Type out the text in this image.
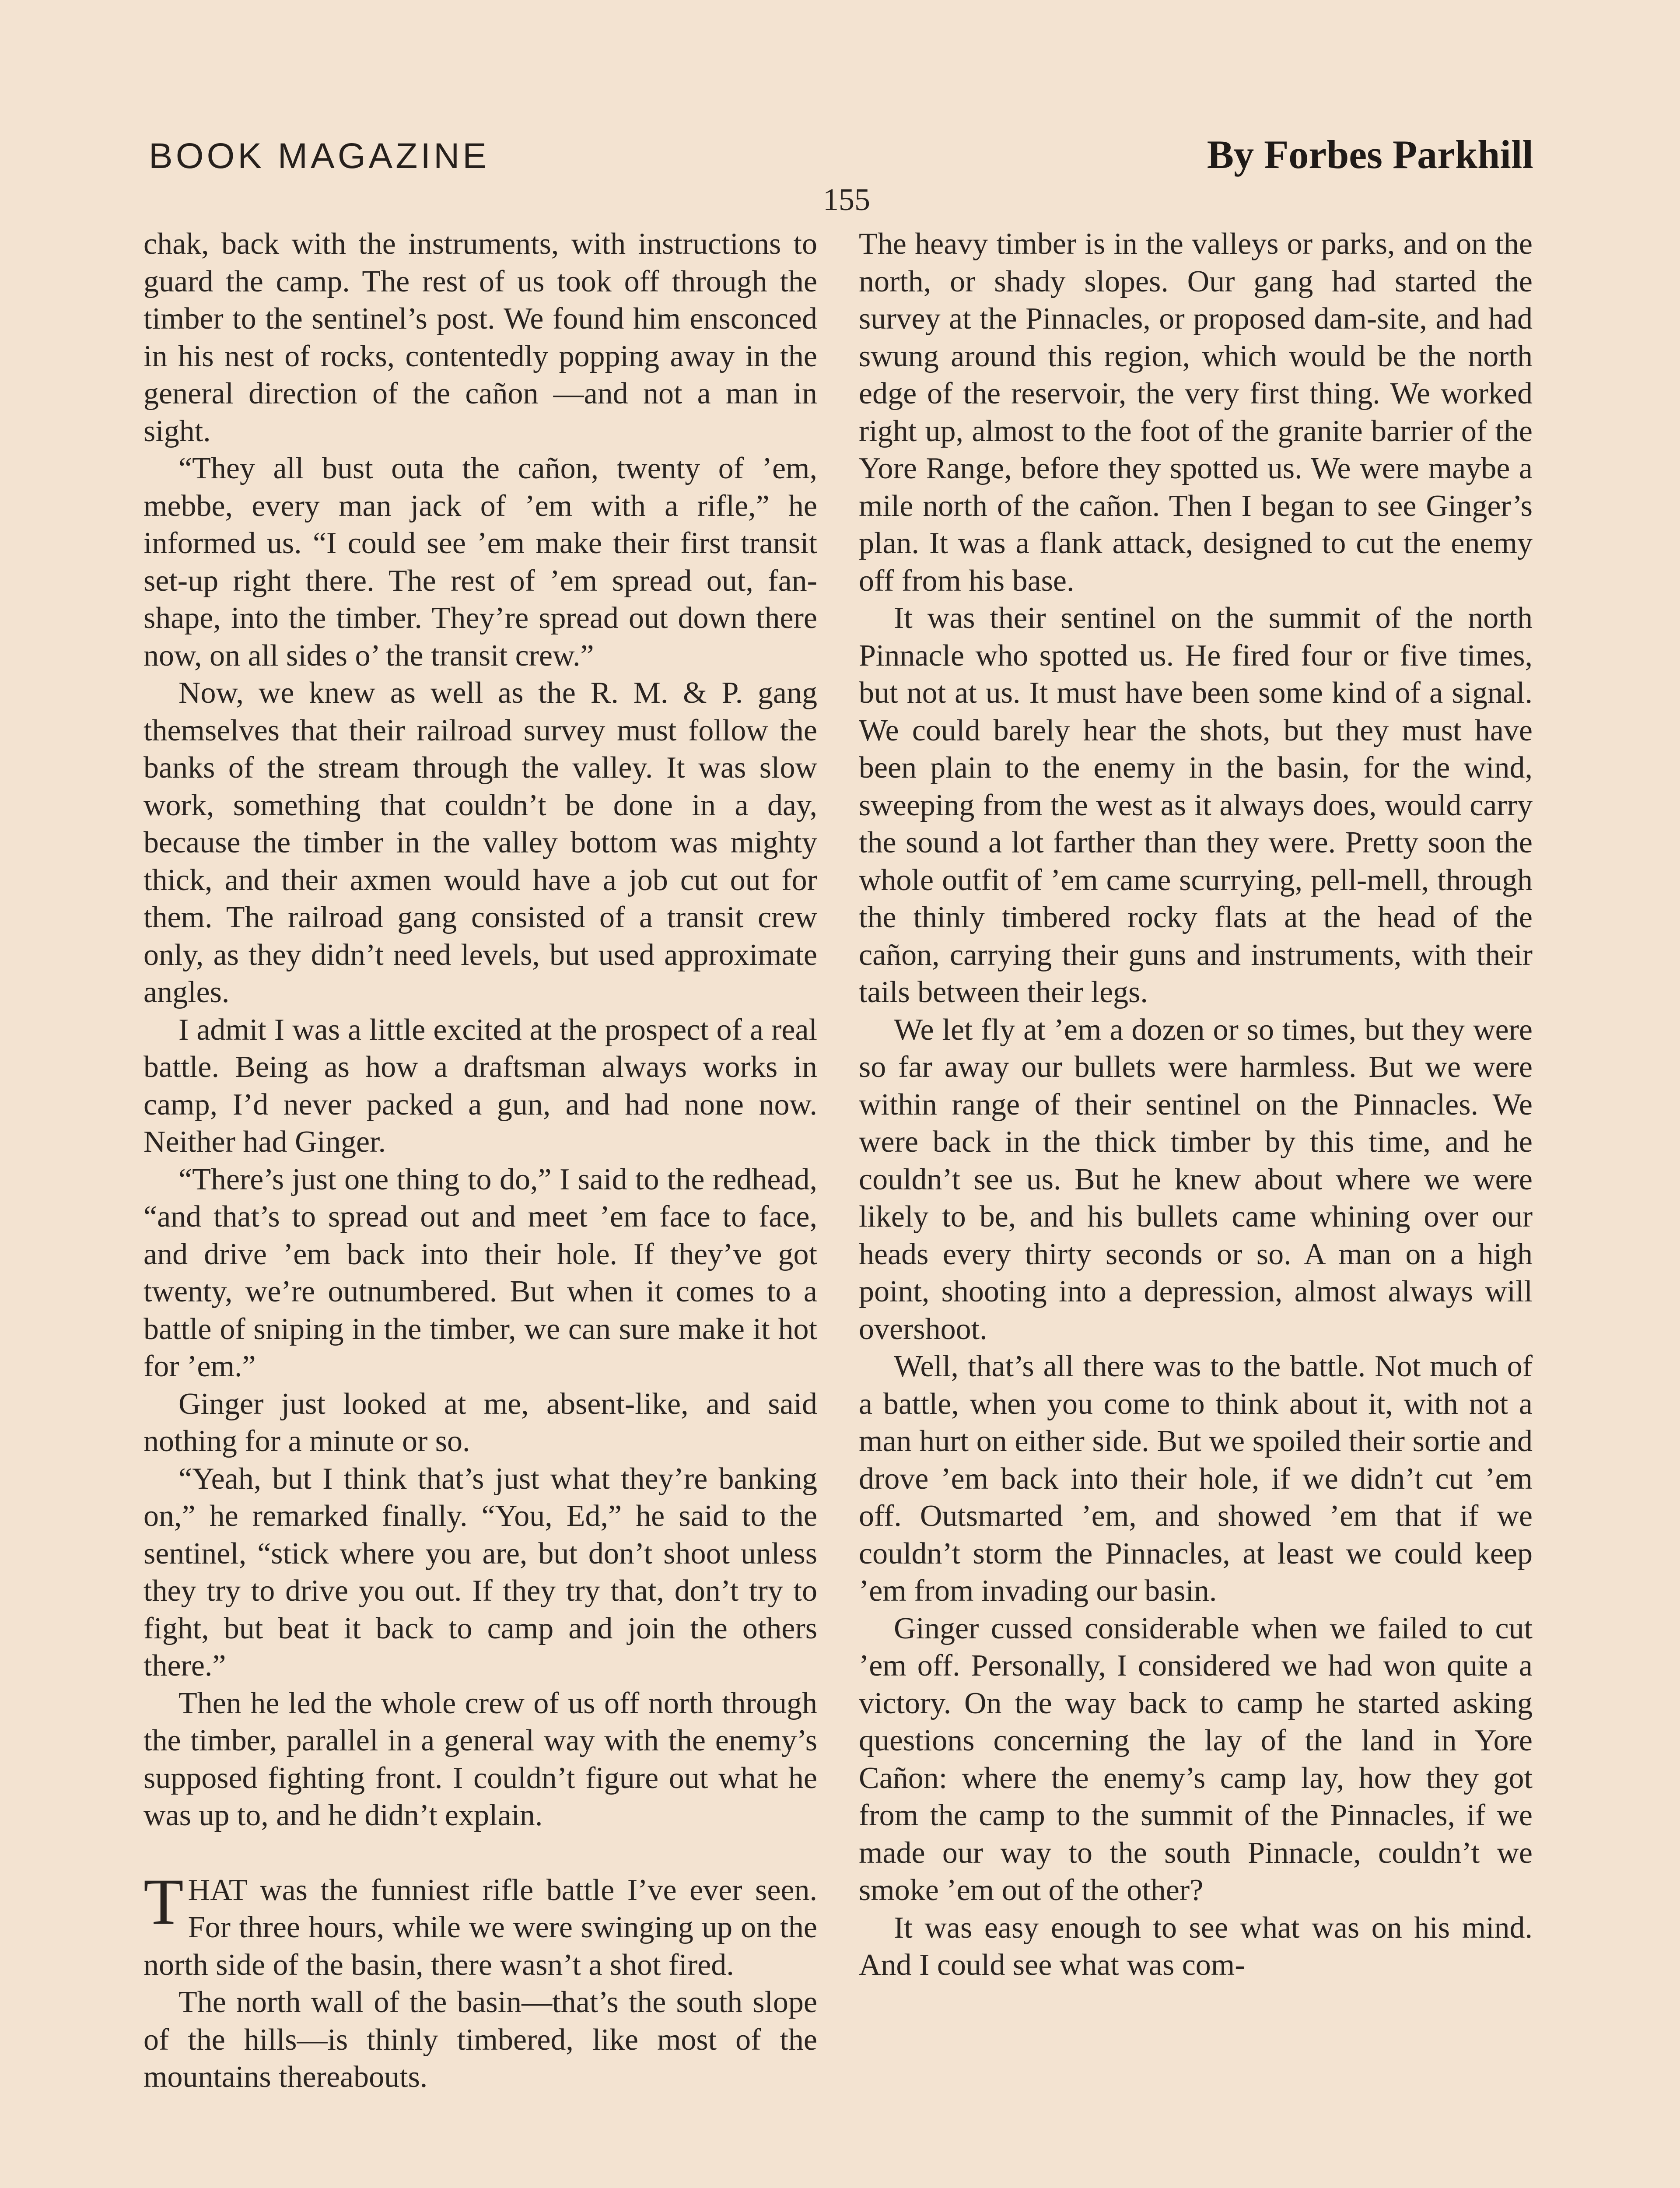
BOOK MAGAZINE	By Forbes Parkhill
155

chak, back with the instruments, with instructions to guard the camp. The rest of us took off through the timber to the sentinel’s post. We found him ensconced in his nest of rocks, contentedly popping away in the general direction of the cañon —and not a man in sight.

“They all bust outa the cañon, twenty of ’em, mebbe, every man jack of ’em with a rifle,” he informed us. “I could see ’em make their first transit set-up right there. The rest of ’em spread out, fan-shape, into the timber. They’re spread out down there now, on all sides o’ the transit crew.”

Now, we knew as well as the R. M. & P. gang themselves that their railroad survey must follow the banks of the stream through the valley. It was slow work, something that couldn’t be done in a day, because the timber in the valley bottom was mighty thick, and their axmen would have a job cut out for them. The railroad gang consisted of a transit crew only, as they didn’t need levels, but used approximate angles.

I admit I was a little excited at the prospect of a real battle. Being as how a draftsman always works in camp, I’d never packed a gun, and had none now. Neither had Ginger.

“There’s just one thing to do,” I said to the redhead, “and that’s to spread out and meet ’em face to face, and drive ’em back into their hole. If they’ve got twenty, we’re outnumbered. But when it comes to a battle of sniping in the timber, we can sure make it hot for ’em.”

Ginger just looked at me, absent-like, and said nothing for a minute or so.

“Yeah, but I think that’s just what they’re banking on,” he remarked finally. “You, Ed,” he said to the sentinel, “stick where you are, but don’t shoot unless they try to drive you out. If they try that, don’t try to fight, but beat it back to camp and join the others there.”

Then he led the whole crew of us off north through the timber, parallel in a general way with the enemy’s supposed fighting front. I couldn’t figure out what he was up to, and he didn’t explain.

THAT was the funniest rifle battle I’ve ever seen. For three hours, while we were swinging up on the north side of the basin, there wasn’t a shot fired.

The north wall of the basin—that’s the south slope of the hills—is thinly timbered, like most of the mountains thereabouts.

The heavy timber is in the valleys or parks, and on the north, or shady slopes. Our gang had started the survey at the Pinnacles, or proposed dam-site, and had swung around this region, which would be the north edge of the reservoir, the very first thing. We worked right up, almost to the foot of the granite barrier of the Yore Range, before they spotted us. We were maybe a mile north of the cañon. Then I began to see Ginger’s plan. It was a flank attack, designed to cut the enemy off from his base.

It was their sentinel on the summit of the north Pinnacle who spotted us. He fired four or five times, but not at us. It must have been some kind of a signal. We could barely hear the shots, but they must have been plain to the enemy in the basin, for the wind, sweeping from the west as it always does, would carry the sound a lot farther than they were. Pretty soon the whole outfit of ’em came scurrying, pell-mell, through the thinly timbered rocky flats at the head of the cañon, carrying their guns and instruments, with their tails between their legs.

We let fly at ’em a dozen or so times, but they were so far away our bullets were harmless. But we were within range of their sentinel on the Pinnacles. We were back in the thick timber by this time, and he couldn’t see us. But he knew about where we were likely to be, and his bullets came whining over our heads every thirty seconds or so. A man on a high point, shooting into a depression, almost always will overshoot.

Well, that’s all there was to the battle. Not much of a battle, when you come to think about it, with not a man hurt on either side. But we spoiled their sortie and drove ’em back into their hole, if we didn’t cut ’em off. Outsmarted ’em, and showed ’em that if we couldn’t storm the Pinnacles, at least we could keep ’em from invading our basin.

Ginger cussed considerable when we failed to cut ’em off. Personally, I considered we had won quite a victory. On the way back to camp he started asking questions concerning the lay of the land in Yore Cañon: where the enemy’s camp lay, how they got from the camp to the summit of the Pinnacles, if we made our way to the south Pinnacle, couldn’t we smoke ’em out of the other?

It was easy enough to see what was on his mind. And I could see what was com-
